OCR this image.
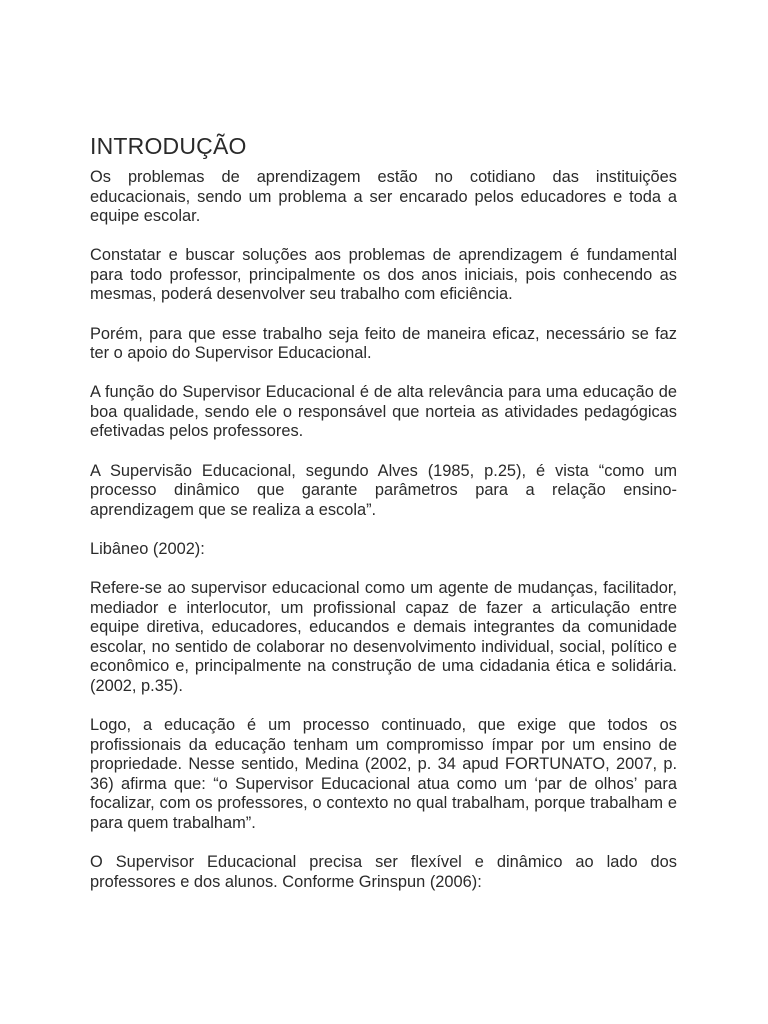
INTRODUÇÃO

Os problemas de aprendizagem estão no cotidiano das instituições educacionais, sendo um problema a ser encarado pelos educadores e toda a equipe escolar.

Constatar e buscar soluções aos problemas de aprendizagem é fundamental para todo professor, principalmente os dos anos iniciais, pois conhecendo as mesmas, poderá desenvolver seu trabalho com eficiência.

Porém, para que esse trabalho seja feito de maneira eficaz, necessário se faz ter o apoio do Supervisor Educacional.

A função do Supervisor Educacional é de alta relevância para uma educação de boa qualidade, sendo ele o responsável que norteia as atividades pedagógicas efetivadas pelos professores.

A Supervisão Educacional, segundo Alves (1985, p.25), é vista “como um processo dinâmico que garante parâmetros para a relação ensino-aprendizagem que se realiza a escola”.

Libâneo (2002):

Refere-se ao supervisor educacional como um agente de mudanças, facilitador, mediador e interlocutor, um profissional capaz de fazer a articulação entre equipe diretiva, educadores, educandos e demais integrantes da comunidade escolar, no sentido de colaborar no desenvolvimento individual, social, político e econômico e, principalmente na construção de uma cidadania ética e solidária. (2002, p.35).

Logo, a educação é um processo continuado, que exige que todos os profissionais da educação tenham um compromisso ímpar por um ensino de propriedade. Nesse sentido, Medina (2002, p. 34 apud FORTUNATO, 2007, p. 36) afirma que: “o Supervisor Educacional atua como um ‘par de olhos’ para focalizar, com os professores, o contexto no qual trabalham, porque trabalham e para quem trabalham”.

O Supervisor Educacional precisa ser flexível e dinâmico ao lado dos professores e dos alunos. Conforme Grinspun (2006):
